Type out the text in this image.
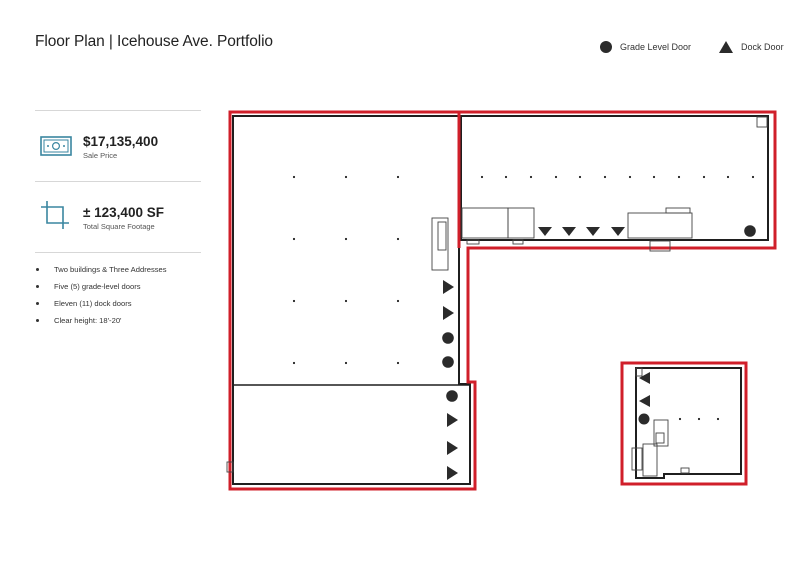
Floor Plan | Icehouse Ave. Portfolio	Grade Level Door	Dock Door
$17,135,400
Sale Price
± 123,400 SF
Total Square Footage
Two buildings & Three Addresses
Five (5) grade-level doors
Eleven (11) dock doors
Clear height: 18'-20'
